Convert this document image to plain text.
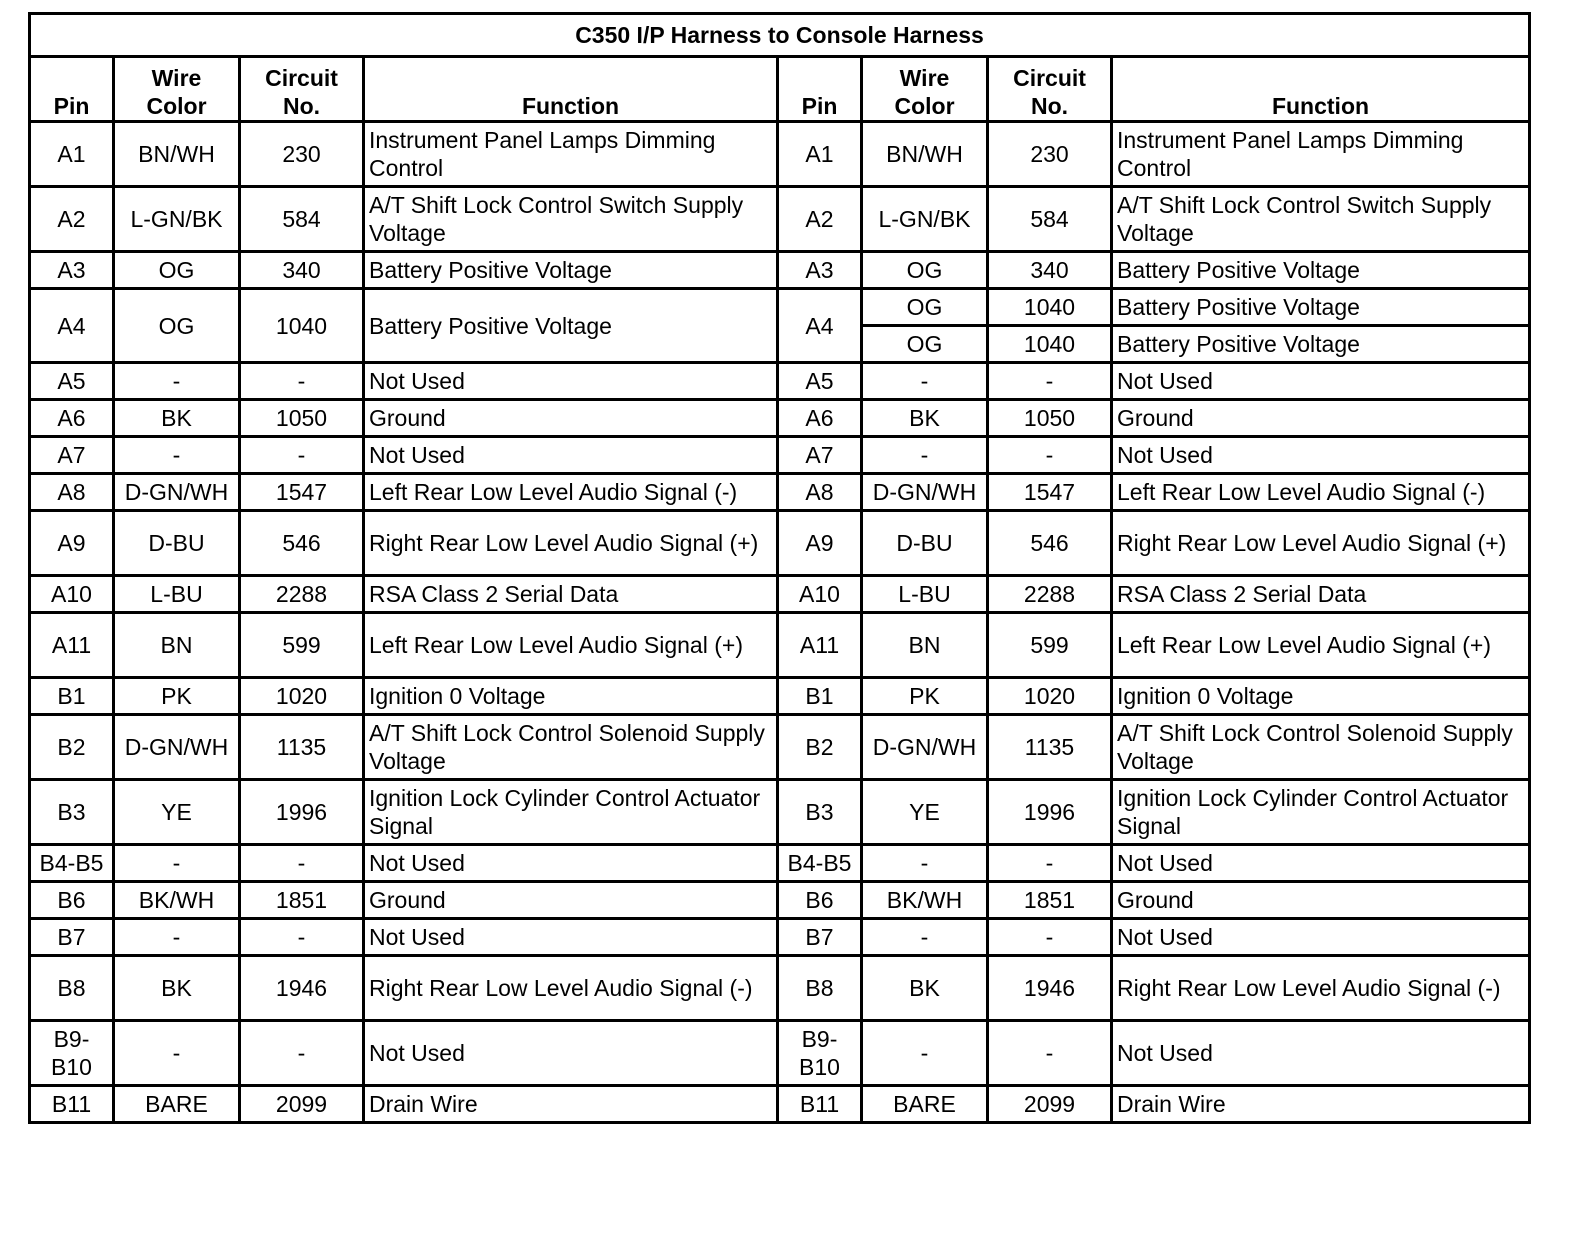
C350 I/P Harness to Console Harness							
Pin	Wire Color	Circuit No.	Function	Pin	Wire Color	Circuit No.	Function
A1	BN/WH	230	Instrument Panel Lamps Dimming Control	A1	BN/WH	230	Instrument Panel Lamps Dimming Control
A2	L-GN/BK	584	A/T Shift Lock Control Switch Supply Voltage	A2	L-GN/BK	584	A/T Shift Lock Control Switch Supply Voltage
A3	OG	340	Battery Positive Voltage	A3	OG	340	Battery Positive Voltage
A4	OG	1040	Battery Positive Voltage	A4	OG	1040	Battery Positive Voltage
					OG	1040	Battery Positive Voltage
A5	-	-	Not Used	A5	-	-	Not Used
A6	BK	1050	Ground	A6	BK	1050	Ground
A7	-	-	Not Used	A7	-	-	Not Used
A8	D-GN/WH	1547	Left Rear Low Level Audio Signal (-)	A8	D-GN/WH	1547	Left Rear Low Level Audio Signal (-)
A9	D-BU	546	Right Rear Low Level Audio Signal (+)	A9	D-BU	546	Right Rear Low Level Audio Signal (+)
A10	L-BU	2288	RSA Class 2 Serial Data	A10	L-BU	2288	RSA Class 2 Serial Data
A11	BN	599	Left Rear Low Level Audio Signal (+)	A11	BN	599	Left Rear Low Level Audio Signal (+)
B1	PK	1020	Ignition 0 Voltage	B1	PK	1020	Ignition 0 Voltage
B2	D-GN/WH	1135	A/T Shift Lock Control Solenoid Supply Voltage	B2	D-GN/WH	1135	A/T Shift Lock Control Solenoid Supply Voltage
B3	YE	1996	Ignition Lock Cylinder Control Actuator Signal	B3	YE	1996	Ignition Lock Cylinder Control Actuator Signal
B4-B5	-	-	Not Used	B4-B5	-	-	Not Used
B6	BK/WH	1851	Ground	B6	BK/WH	1851	Ground
B7	-	-	Not Used	B7	-	-	Not Used
B8	BK	1946	Right Rear Low Level Audio Signal (-)	B8	BK	1946	Right Rear Low Level Audio Signal (-)
B9-B10	-	-	Not Used	B9-B10	-	-	Not Used
B11	BARE	2099	Drain Wire	B11	BARE	2099	Drain Wire
